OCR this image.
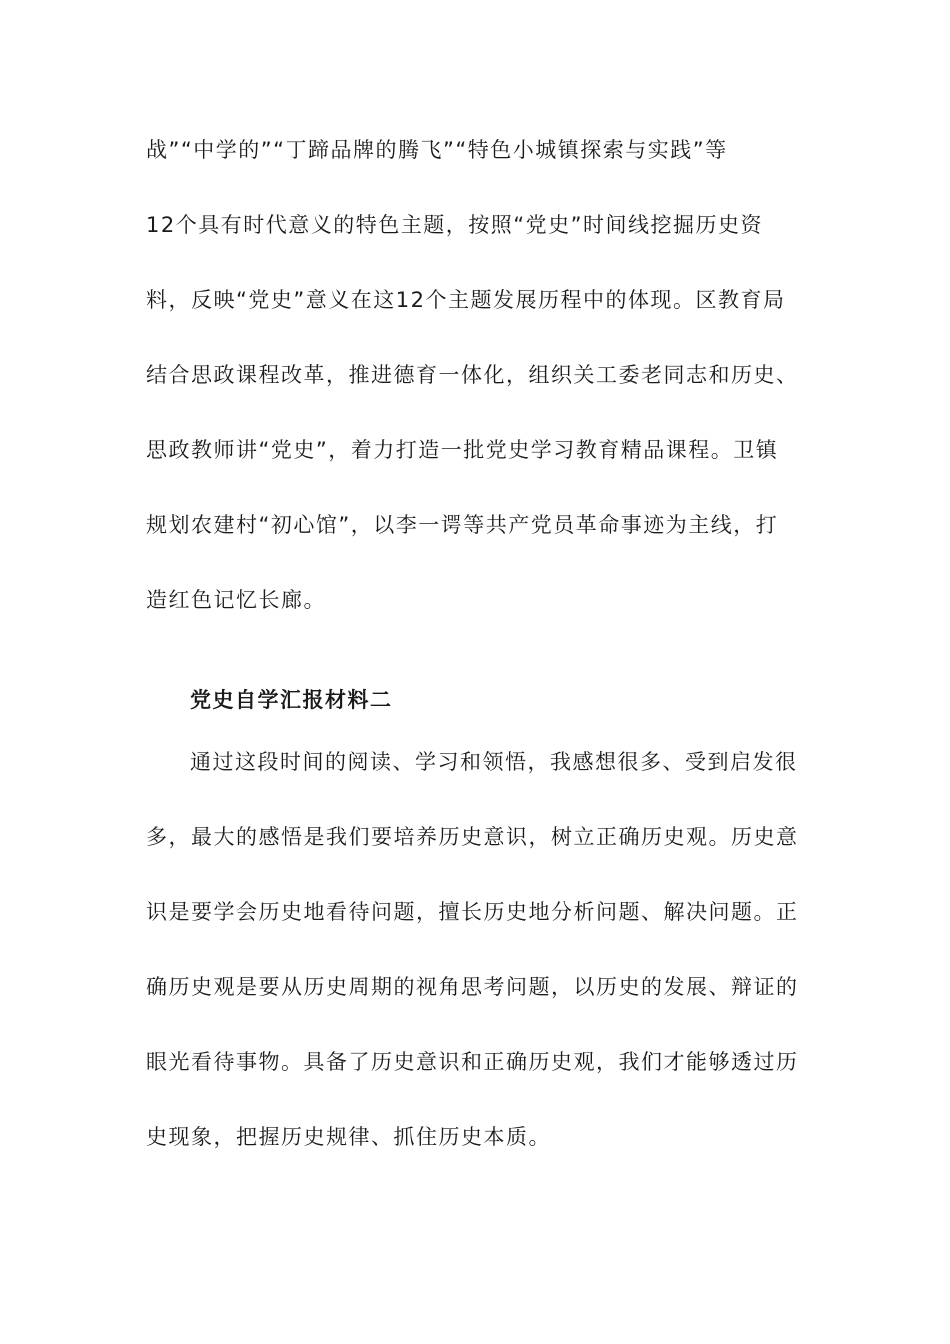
战”“中学的”“丁蹄品牌的腾飞”“特色小城镇探索与实践”等
12个具有时代意义的特色主题，按照“党史”时间线挖掘历史资
料，反映“党史”意义在这12个主题发展历程中的体现。区教育局
结合思政课程改革，推进德育一体化，组织关工委老同志和历史、
思政教师讲“党史”，着力打造一批党史学习教育精品课程。卫镇
规划农建村“初心馆”，以李一谔等共产党员革命事迹为主线，打
造红色记忆长廊。
党史自学汇报材料二
通过这段时间的阅读、学习和领悟，我感想很多、受到启发很
多，最大的感悟是我们要培养历史意识，树立正确历史观。历史意
识是要学会历史地看待问题，擅长历史地分析问题、解决问题。正
确历史观是要从历史周期的视角思考问题，以历史的发展、辩证的
眼光看待事物。具备了历史意识和正确历史观，我们才能够透过历
史现象，把握历史规律、抓住历史本质。
